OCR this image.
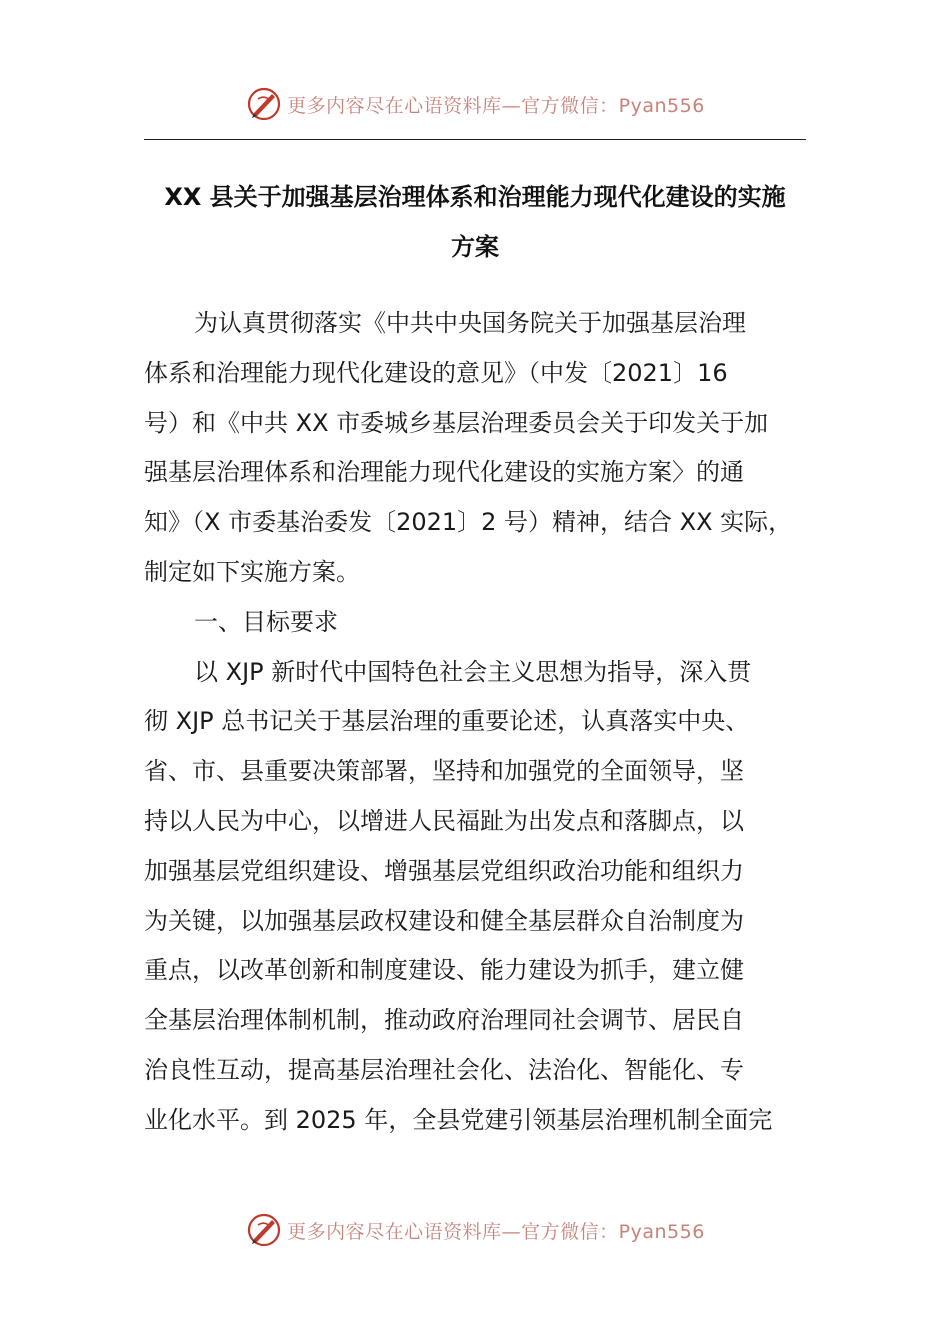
更多内容尽在心语资料库—官方微信：Pyan556
XX 县关于加强基层治理体系和治理能力现代化建设的实施
方案
为认真贯彻落实《中共中央国务院关于加强基层治理
体系和治理能力现代化建设的意见》（中发〔2021〕16
号）和《中共 XX 市委城乡基层治理委员会关于印发关于加
强基层治理体系和治理能力现代化建设的实施方案〉的通
知》（X 市委基治委发〔2021〕2 号）精神，结合 XX 实际，
制定如下实施方案。
一、目标要求
以 XJP 新时代中国特色社会主义思想为指导，深入贯
彻 XJP 总书记关于基层治理的重要论述，认真落实中央、
省、市、县重要决策部署，坚持和加强党的全面领导，坚
持以人民为中心，以增进人民福趾为出发点和落脚点，以
加强基层党组织建设、增强基层党组织政治功能和组织力
为关键，以加强基层政权建设和健全基层群众自治制度为
重点，以改革创新和制度建设、能力建设为抓手，建立健
全基层治理体制机制，推动政府治理同社会调节、居民自
治良性互动，提高基层治理社会化、法治化、智能化、专
业化水平。到 2025 年，全县党建引领基层治理机制全面完
更多内容尽在心语资料库—官方微信：Pyan556
